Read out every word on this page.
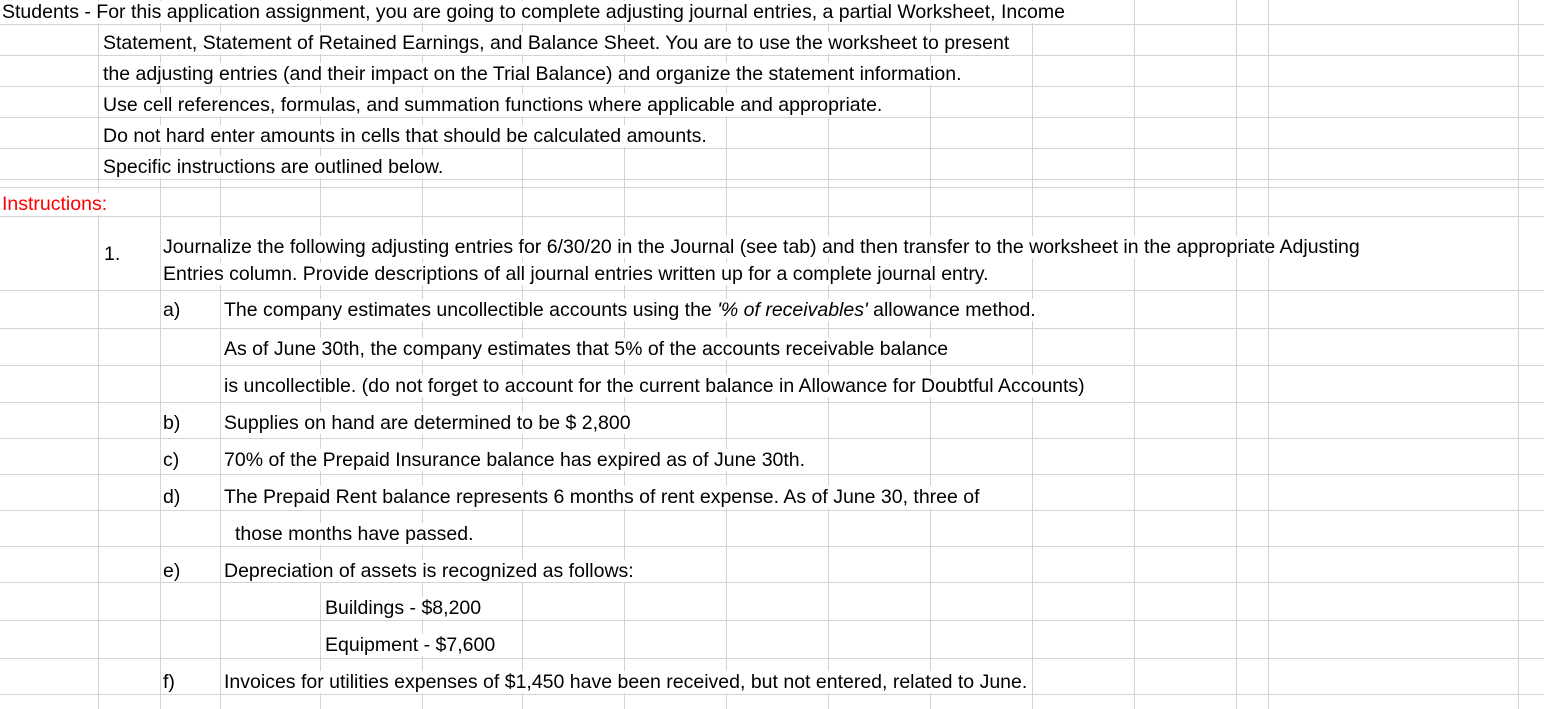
Students - For this application assignment, you are going to complete adjusting journal entries, a partial Worksheet, Income
Statement, Statement of Retained Earnings, and Balance Sheet. You are to use the worksheet to present
the adjusting entries (and their impact on the Trial Balance) and organize the statement information.
Use cell references, formulas, and summation functions where applicable and appropriate.
Do not hard enter amounts in cells that should be calculated amounts.
Specific instructions are outlined below.
Instructions:
1. Journalize the following adjusting entries for 6/30/20 in the Journal (see tab) and then transfer to the worksheet in the appropriate Adjusting
Entries column. Provide descriptions of all journal entries written up for a complete journal entry.
a) The company estimates uncollectible accounts using the '% of receivables' allowance method.
As of June 30th, the company estimates that 5% of the accounts receivable balance
is uncollectible. (do not forget to account for the current balance in Allowance for Doubtful Accounts)
b) Supplies on hand are determined to be $ 2,800
c) 70% of the Prepaid Insurance balance has expired as of June 30th.
d) The Prepaid Rent balance represents 6 months of rent expense. As of June 30, three of
those months have passed.
e) Depreciation of assets is recognized as follows:
Buildings - $8,200
Equipment - $7,600
f)	Invoices for utilities expenses of $1,450 have been received, but not entered, related to June.
